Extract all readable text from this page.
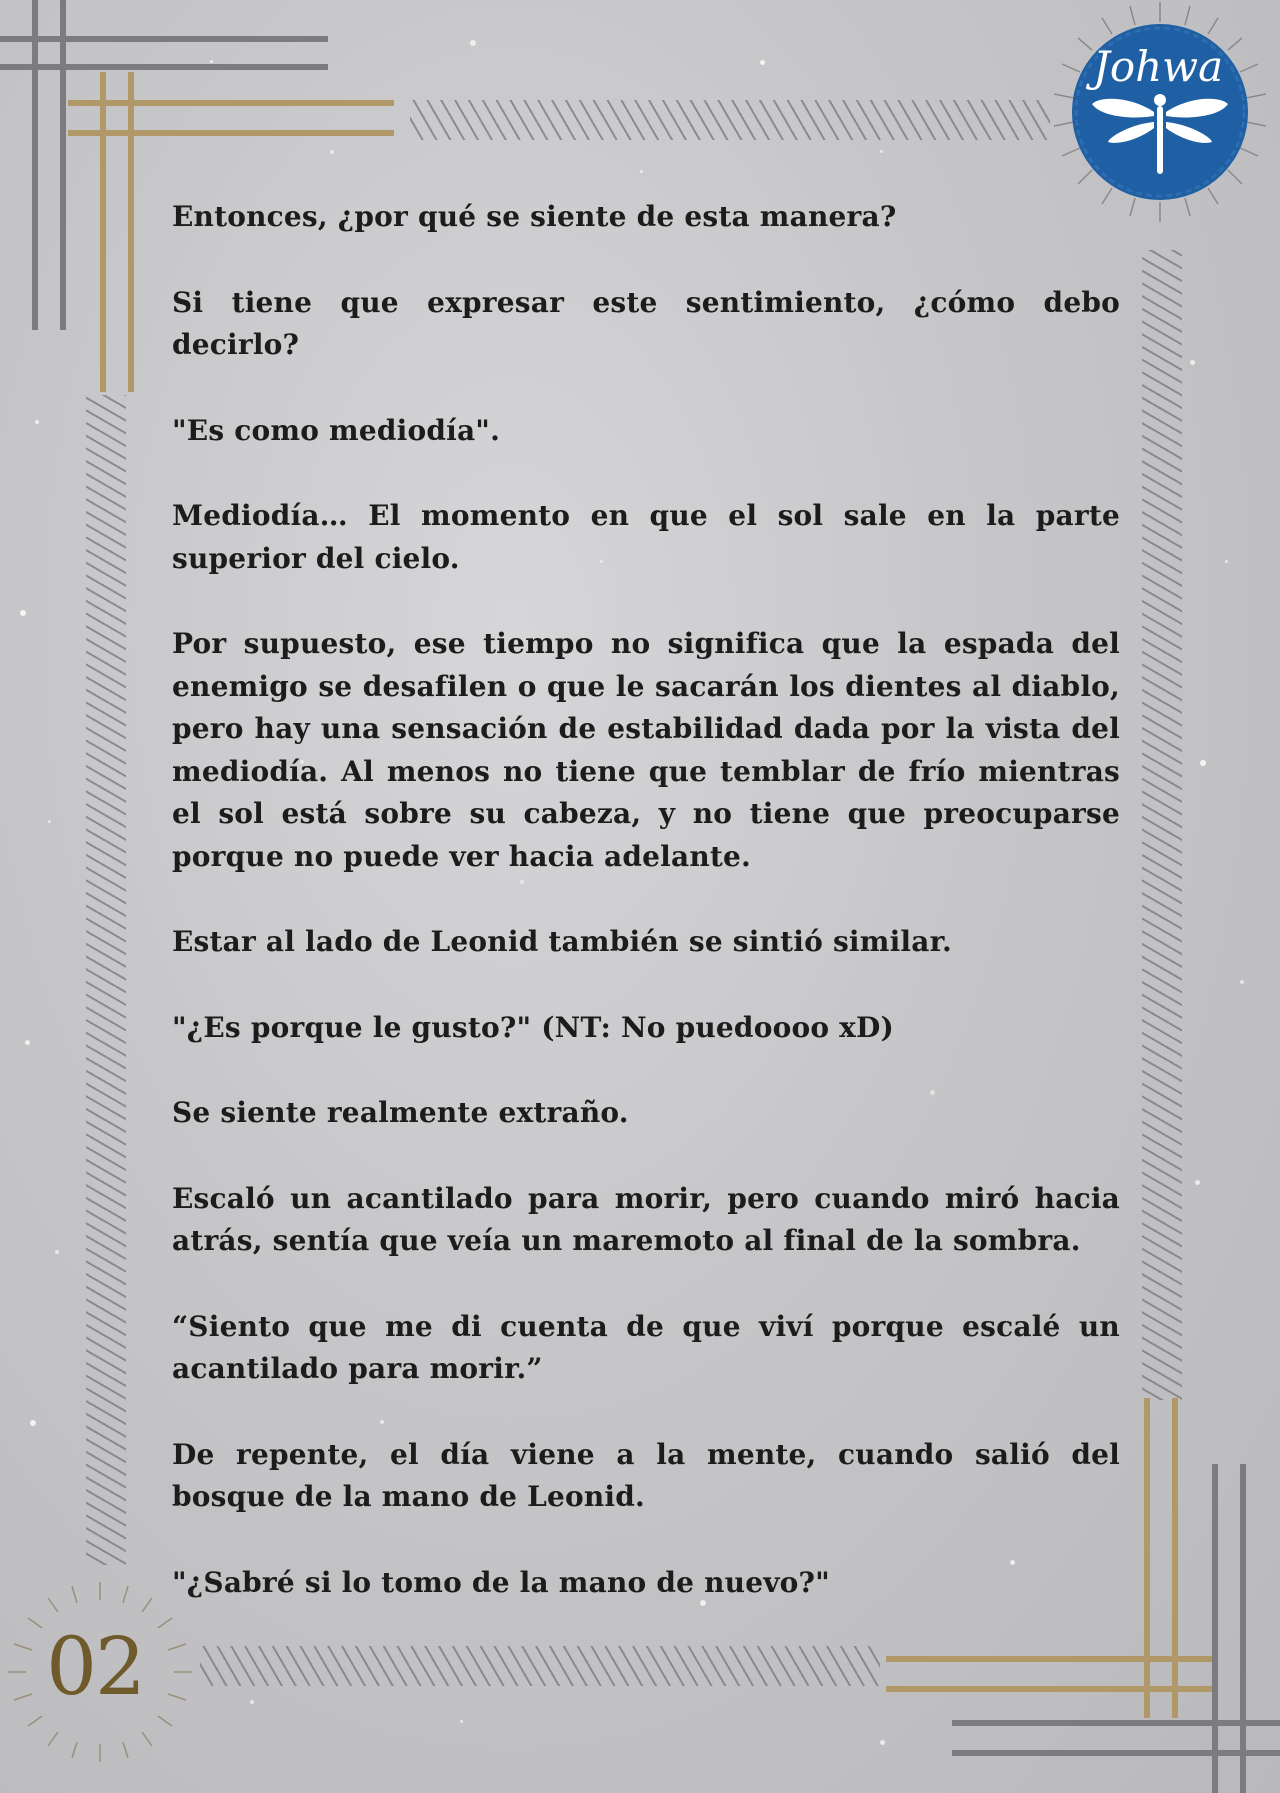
Johwa
02

Entonces, ¿por qué se siente de esta manera?

Si tiene que expresar este sentimiento, ¿cómo debo decirlo?

"Es como mediodía".

Mediodía… El momento en que el sol sale en la parte superior del cielo.

Por supuesto, ese tiempo no significa que la espada del enemigo se desafilen o que le sacarán los dientes al diablo, pero hay una sensación de estabilidad dada por la vista del mediodía. Al menos no tiene que temblar de frío mientras el sol está sobre su cabeza, y no tiene que preocuparse porque no puede ver hacia adelante.

Estar al lado de Leonid también se sintió similar.

"¿Es porque le gusto?" (NT: No puedoooo xD)

Se siente realmente extraño.

Escaló un acantilado para morir, pero cuando miró hacia atrás, sentía que veía un maremoto al final de la sombra.

“Siento que me di cuenta de que viví porque escalé un acantilado para morir.”

De repente, el día viene a la mente, cuando salió del bosque de la mano de Leonid.

"¿Sabré si lo tomo de la mano de nuevo?"
